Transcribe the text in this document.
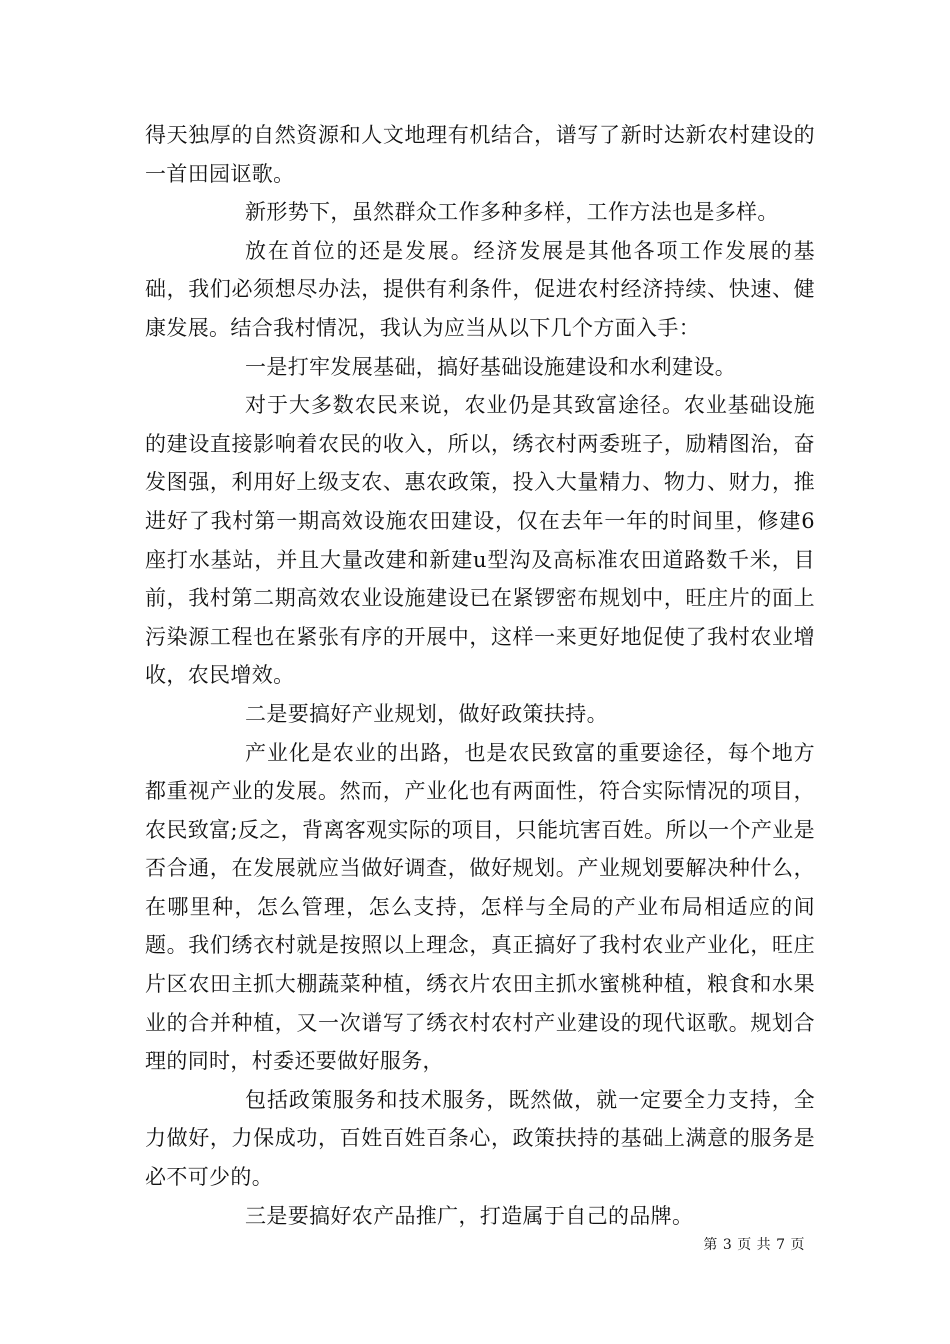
得天独厚的自然资源和人文地理有机结合，谱写了新时达新农村建设的一首田园讴歌。

新形势下，虽然群众工作多种多样，工作方法也是多样。

放在首位的还是发展。经济发展是其他各项工作发展的基础，我们必须想尽办法，提供有利条件，促进农村经济持续、快速、健康发展。结合我村情况，我认为应当从以下几个方面入手：

一是打牢发展基础，搞好基础设施建设和水利建设。

对于大多数农民来说，农业仍是其致富途径。农业基础设施的建设直接影响着农民的收入，所以，绣衣村两委班子，励精图治，奋发图强，利用好上级支农、惠农政策，投入大量精力、物力、财力，推进好了我村第一期高效设施农田建设，仅在去年一年的时间里，修建6座打水基站，并且大量改建和新建u型沟及高标准农田道路数千米，目前，我村第二期高效农业设施建设已在紧锣密布规划中，旺庄片的面上污染源工程也在紧张有序的开展中，这样一来更好地促使了我村农业增收，农民增效。

二是要搞好产业规划，做好政策扶持。

产业化是农业的出路，也是农民致富的重要途径，每个地方都重视产业的发展。然而，产业化也有两面性，符合实际情况的项目，农民致富;反之，背离客观实际的项目，只能坑害百姓。所以一个产业是否合通，在发展就应当做好调查，做好规划。产业规划要解决种什么，在哪里种，怎么管理，怎么支持，怎样与全局的产业布局相适应的间题。我们绣衣村就是按照以上理念，真正搞好了我村农业产业化，旺庄片区农田主抓大棚蔬菜种植，绣衣片农田主抓水蜜桃种植，粮食和水果业的合并种植，又一次谱写了绣衣村农村产业建设的现代讴歌。规划合理的同时，村委还要做好服务，

包括政策服务和技术服务，既然做，就一定要全力支持，全力做好，力保成功，百姓百姓百条心，政策扶持的基础上满意的服务是必不可少的。

三是要搞好农产品推广，打造属于自己的品牌。

第 3 页 共 7 页
